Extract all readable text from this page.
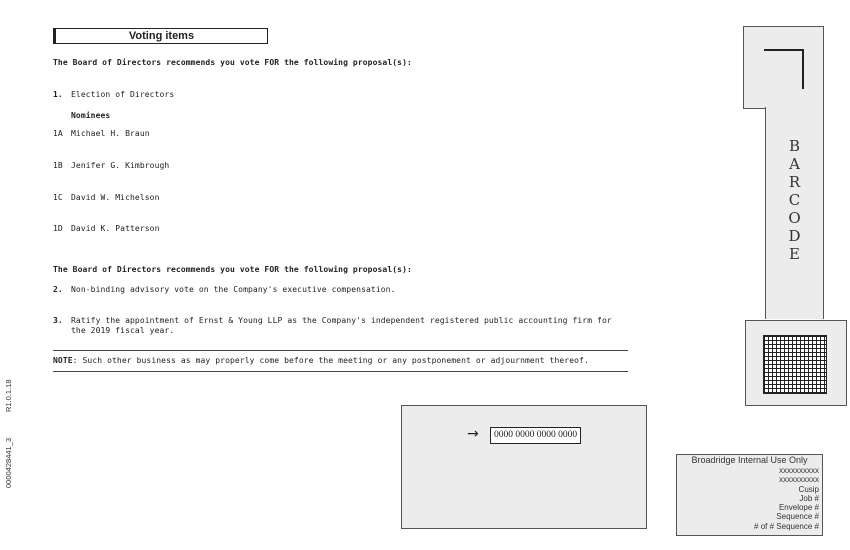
Voting items
The Board of Directors recommends you vote FOR the following proposal(s):
1. Election of Directors
Nominees
1A Michael H. Braun
1B Jenifer G. Kimbrough
1C David W. Michelson
1D David K. Patterson
The Board of Directors recommends you vote FOR the following proposal(s):
2. Non-binding advisory vote on the Company's executive compensation.
3. Ratify the appointment of Ernst & Young LLP as the Company's independent registered public accounting firm for
the 2019 fiscal year.
NOTE: Such other business as may properly come before the meeting or any postponement or adjournment thereof.
0000428441_3
R1.0.1.18
B
A
R
C
O
D
E
→	0000 0000 0000 0000
Broadridge Internal Use Only
xxxxxxxxxx
xxxxxxxxxx
Cusip
Job #
Envelope #
Sequence #
# of # Sequence #
